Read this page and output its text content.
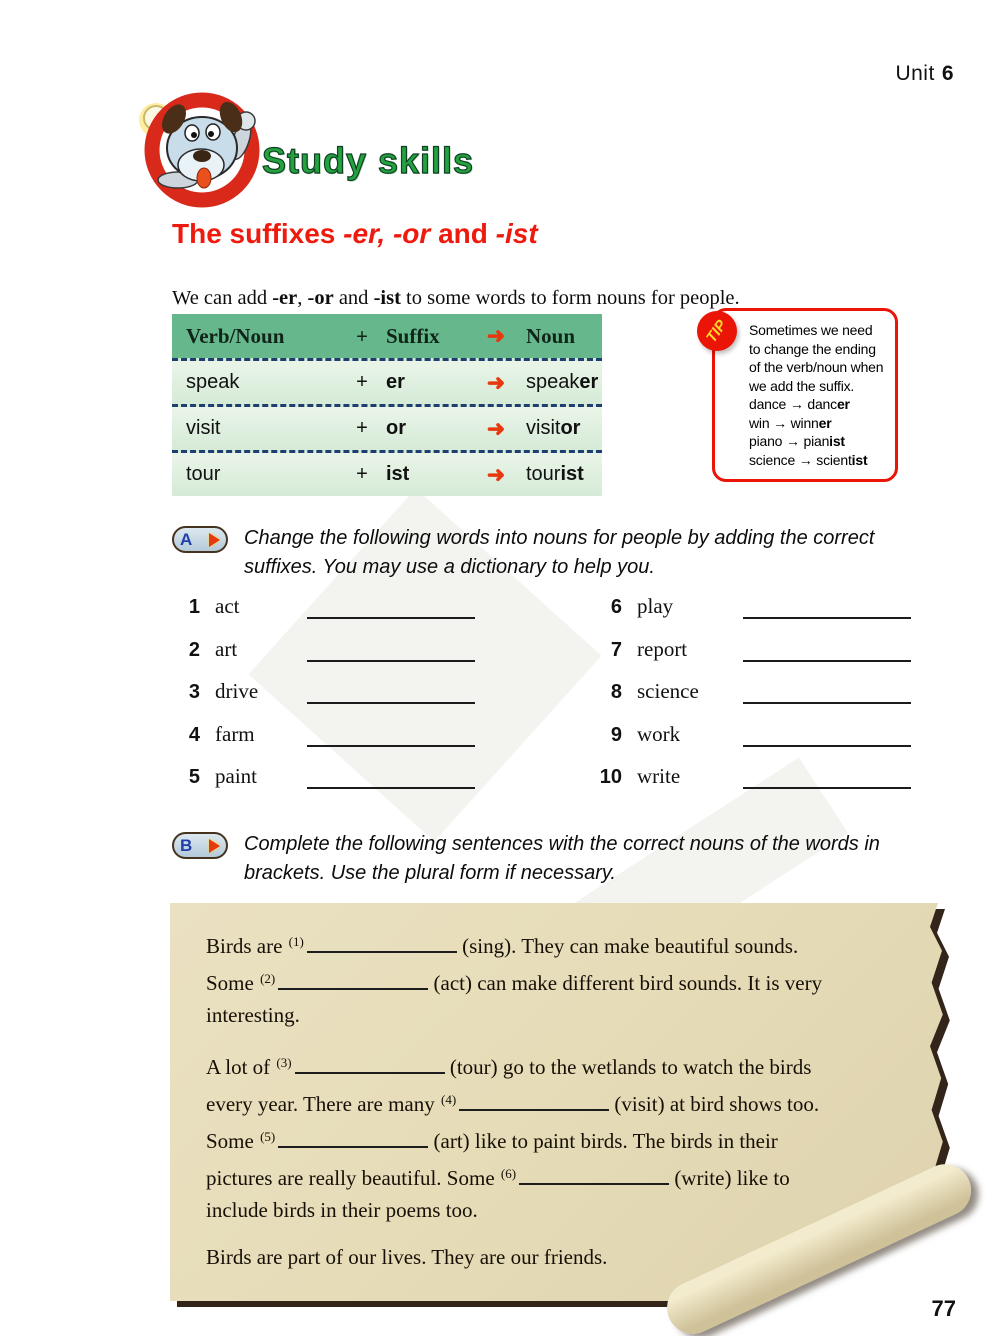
Unit 6
Study skills
The suffixes -er, -or and -ist

We can add -er, -or and -ist to some words to form nouns for people.

Verb/Noun	+ Suffix	➜ Noun
speak	+ er	➜	speaker
visit	+ or	➜	visitor
tour	+ ist	➜	tourist
TIP Sometimes we need to change the ending of the verb/noun when we add the suffix.
dance → dancer
win → winner
piano → pianist
science → scientist
A	Change the following words into nouns for people by adding the correct suffixes. You may use a dictionary to help you.
1 act
2 art
3 drive
4 farm
5 paint
6 play
7 report
8 science
9 work
10 write
B	Complete the following sentences with the correct nouns of the words in brackets. Use the plural form if necessary.
Birds are $^{(1)}$	(sing). They can make beautiful sounds.
Some $^{(2)}$	(act) can make different bird sounds. It is very
interesting.
A lot of $^{(3)}$	(tour) go to the wetlands to watch the birds
every year. There are many $^{(4)}$	(visit) at bird shows too.
Some $^{(5)}$	(art) like to paint birds. The birds in their
pictures are really beautiful. Some $^{(6)}$	(write) like to
include birds in their poems too.
Birds are part of our lives. They are our friends.
77
